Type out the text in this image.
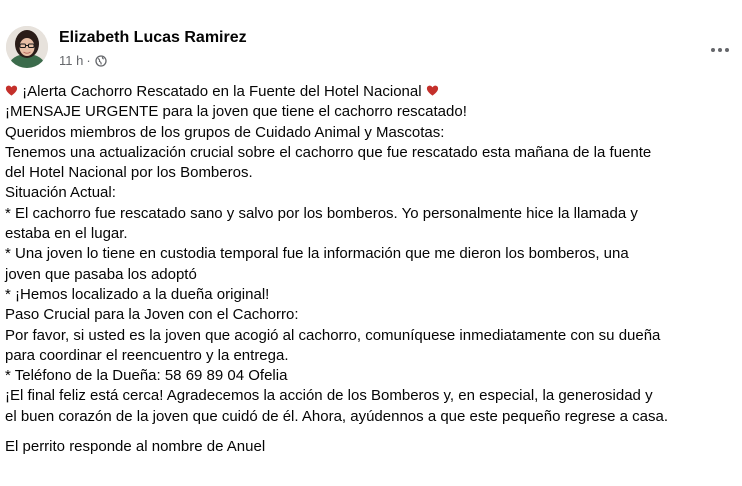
Elizabeth Lucas Ramirez
11 h ·
¡Alerta Cachorro Rescatado en la Fuente del Hotel Nacional
¡MENSAJE URGENTE para la joven que tiene el cachorro rescatado!
Queridos miembros de los grupos de Cuidado Animal y Mascotas:
Tenemos una actualización crucial sobre el cachorro que fue rescatado esta mañana de la fuente
del Hotel Nacional por los Bomberos.
Situación Actual:
* El cachorro fue rescatado sano y salvo por los bomberos. Yo personalmente hice la llamada y
estaba en el lugar.
* Una joven lo tiene en custodia temporal fue la información que me dieron los bomberos, una
joven que pasaba los adoptó
* ¡Hemos localizado a la dueña original!
Paso Crucial para la Joven con el Cachorro:
Por favor, si usted es la joven que acogió al cachorro, comuníquese inmediatamente con su dueña
para coordinar el reencuentro y la entrega.
* Teléfono de la Dueña: 58 69 89 04 Ofelia
¡El final feliz está cerca! Agradecemos la acción de los Bomberos y, en especial, la generosidad y
el buen corazón de la joven que cuidó de él. Ahora, ayúdennos a que este pequeño regrese a casa.
El perrito responde al nombre de Anuel
